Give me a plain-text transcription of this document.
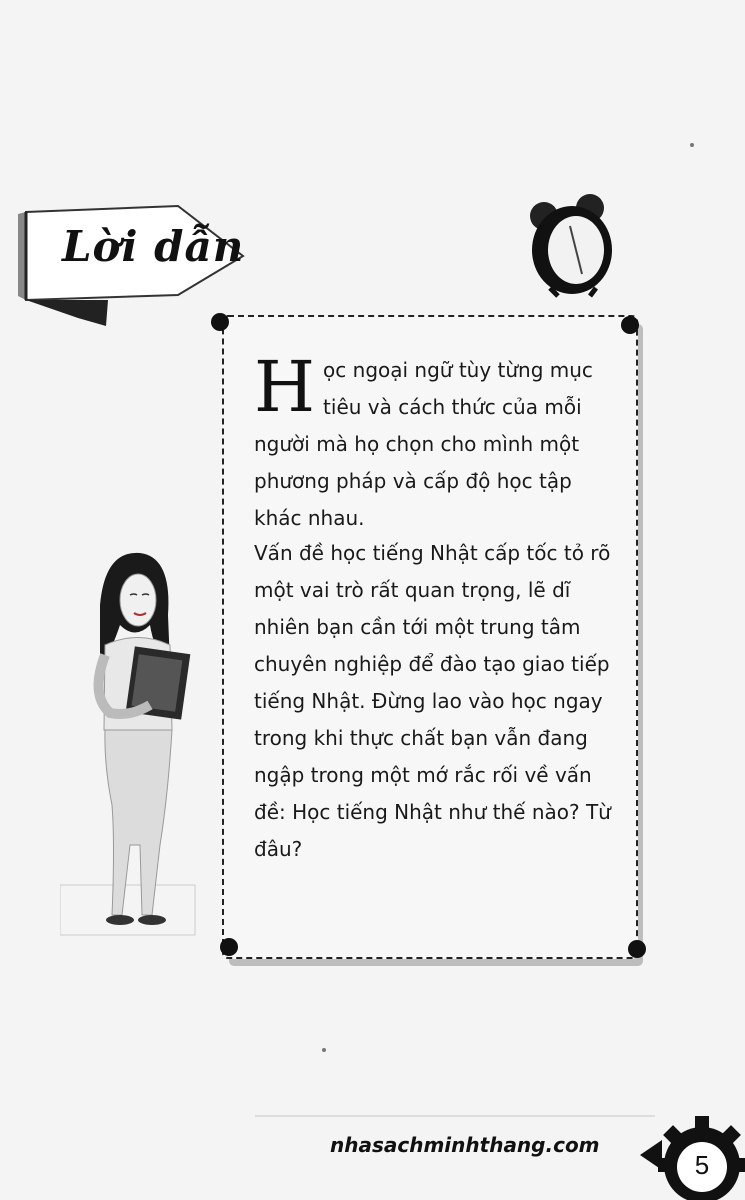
Lời dẫn

Học ngoại ngữ tùy từng mục tiêu và cách thức của mỗi người mà họ chọn cho mình một phương pháp và cấp độ học tập khác nhau.

Vấn đề học tiếng Nhật cấp tốc tỏ rõ một vai trò rất quan trọng, lẽ dĩ nhiên bạn cần tới một trung tâm chuyên nghiệp để đào tạo giao tiếp tiếng Nhật. Đừng lao vào học ngay trong khi thực chất bạn vẫn đang ngập trong một mớ rắc rối về vấn đề: Học tiếng Nhật như thế nào? Từ đâu?

nhasachminhthang.com
5
